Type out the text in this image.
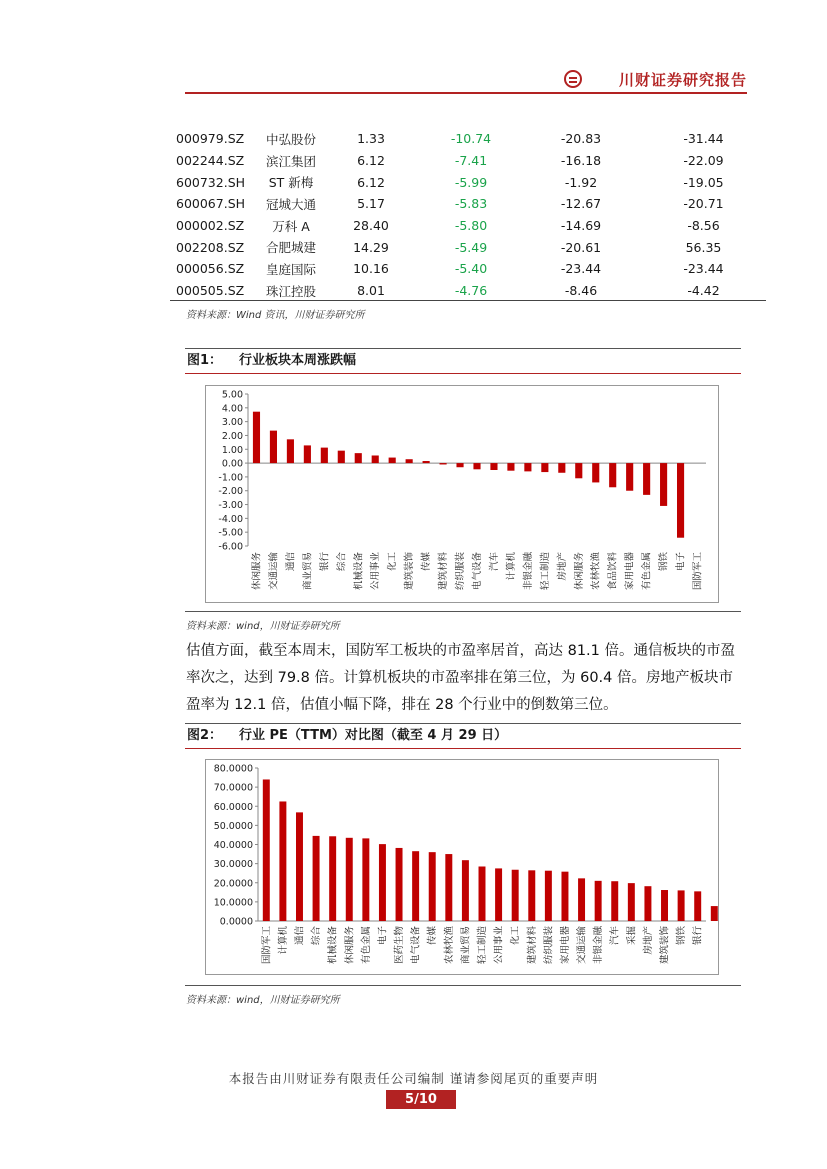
川财证券研究报告
000979.SZ	中弘股份	1.33	-10.74	-20.83	-31.44
002244.SZ	滨江集团	6.12	-7.41	-16.18	-22.09
600732.SH	ST 新梅	6.12	-5.99	-1.92	-19.05
600067.SH	冠城大通	5.17	-5.83	-12.67	-20.71
000002.SZ	万科 A	28.40	-5.80	-14.69	-8.56
002208.SZ	合肥城建	14.29	-5.49	-20.61	56.35
000056.SZ	皇庭国际	10.16	-5.40	-23.44	-23.44
000505.SZ	珠江控股	8.01	-4.76	-8.46	-4.42
资料来源：Wind 资讯，川财证券研究所
图1： 行业板块本周涨跌幅
5.00
4.00
3.00
2.00
1.00
0.00
-1.00
-2.00
-3.00
-4.00
-5.00
-6.00
休闲服务 交通运输 通信 商业贸易 银行 综合 机械设备 公用事业 化工 建筑装饰 传媒 建筑材料 纺织服装 电气设备 汽车 计算机 非银金融 轻工制造 房地产 休闲服务 农林牧渔 食品饮料 家用电器 有色金属 钢铁 电子 国防军工
资料来源：wind，川财证券研究所
估值方面，截至本周末，国防军工板块的市盈率居首，高达 81.1 倍。通信板块的市盈率次之，达到 79.8 倍。计算机板块的市盈率排在第三位，为 60.4 倍。房地产板块市盈率为 12.1 倍，估值小幅下降，排在 28 个行业中的倒数第三位。
图2： 行业 PE（TTM）对比图（截至 4 月 29 日）
80.0000
70.0000
60.0000
50.0000
40.0000
30.0000
20.0000
10.0000
0.0000
国防军工 计算机 通信 综合 机械设备 休闲服务 有色金属 电子 医药生物 电气设备 传媒 农林牧渔 商业贸易 轻工制造 公用事业 化工 建筑材料 纺织服装 家用电器 交通运输 非银金融 汽车 采掘 房地产 建筑装饰 钢铁 银行
资料来源：wind，川财证券研究所
本报告由川财证券有限责任公司编制 谨请参阅尾页的重要声明
5/10
